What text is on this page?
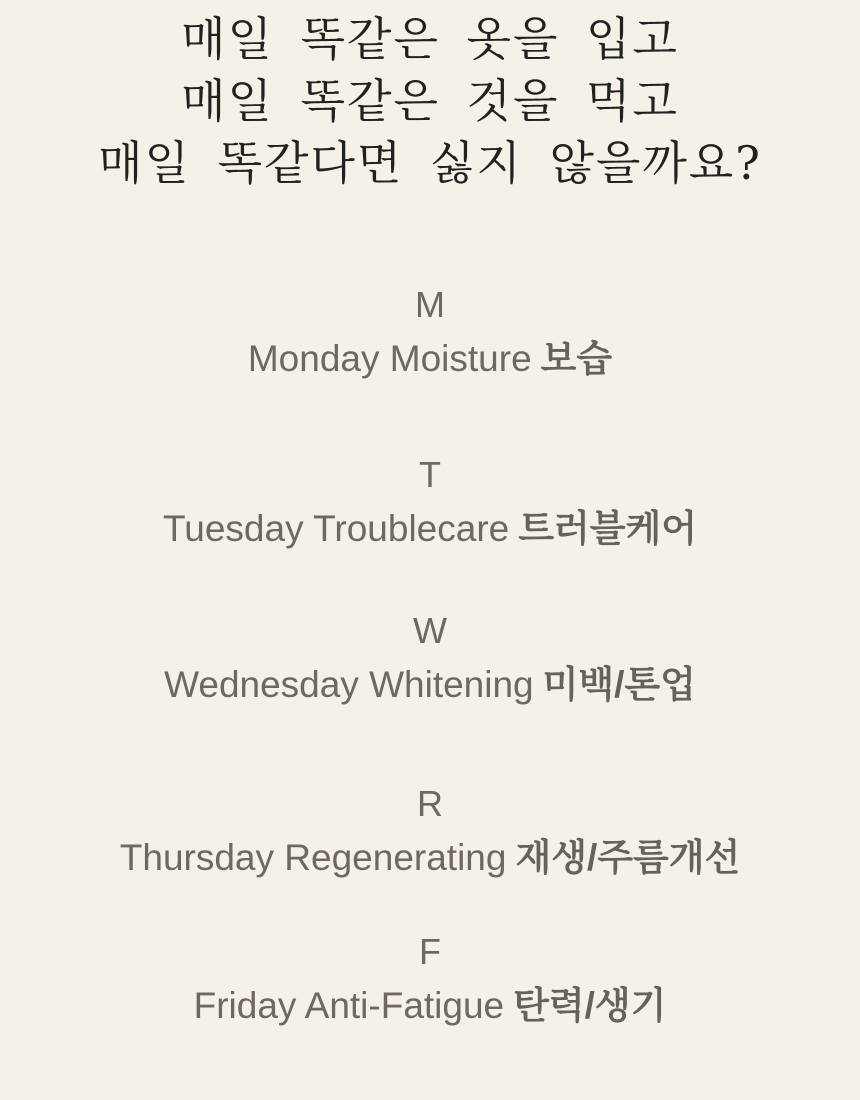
매일 똑같은 옷을 입고
매일 똑같은 것을 먹고
매일 똑같다면 싫지 않을까요?
M
Monday Moisture 보습
T
Tuesday Troublecare 트러블케어
W
Wednesday Whitening 미백/톤업
R
Thursday Regenerating 재생/주름개선
F
Friday Anti-Fatigue 탄력/생기
